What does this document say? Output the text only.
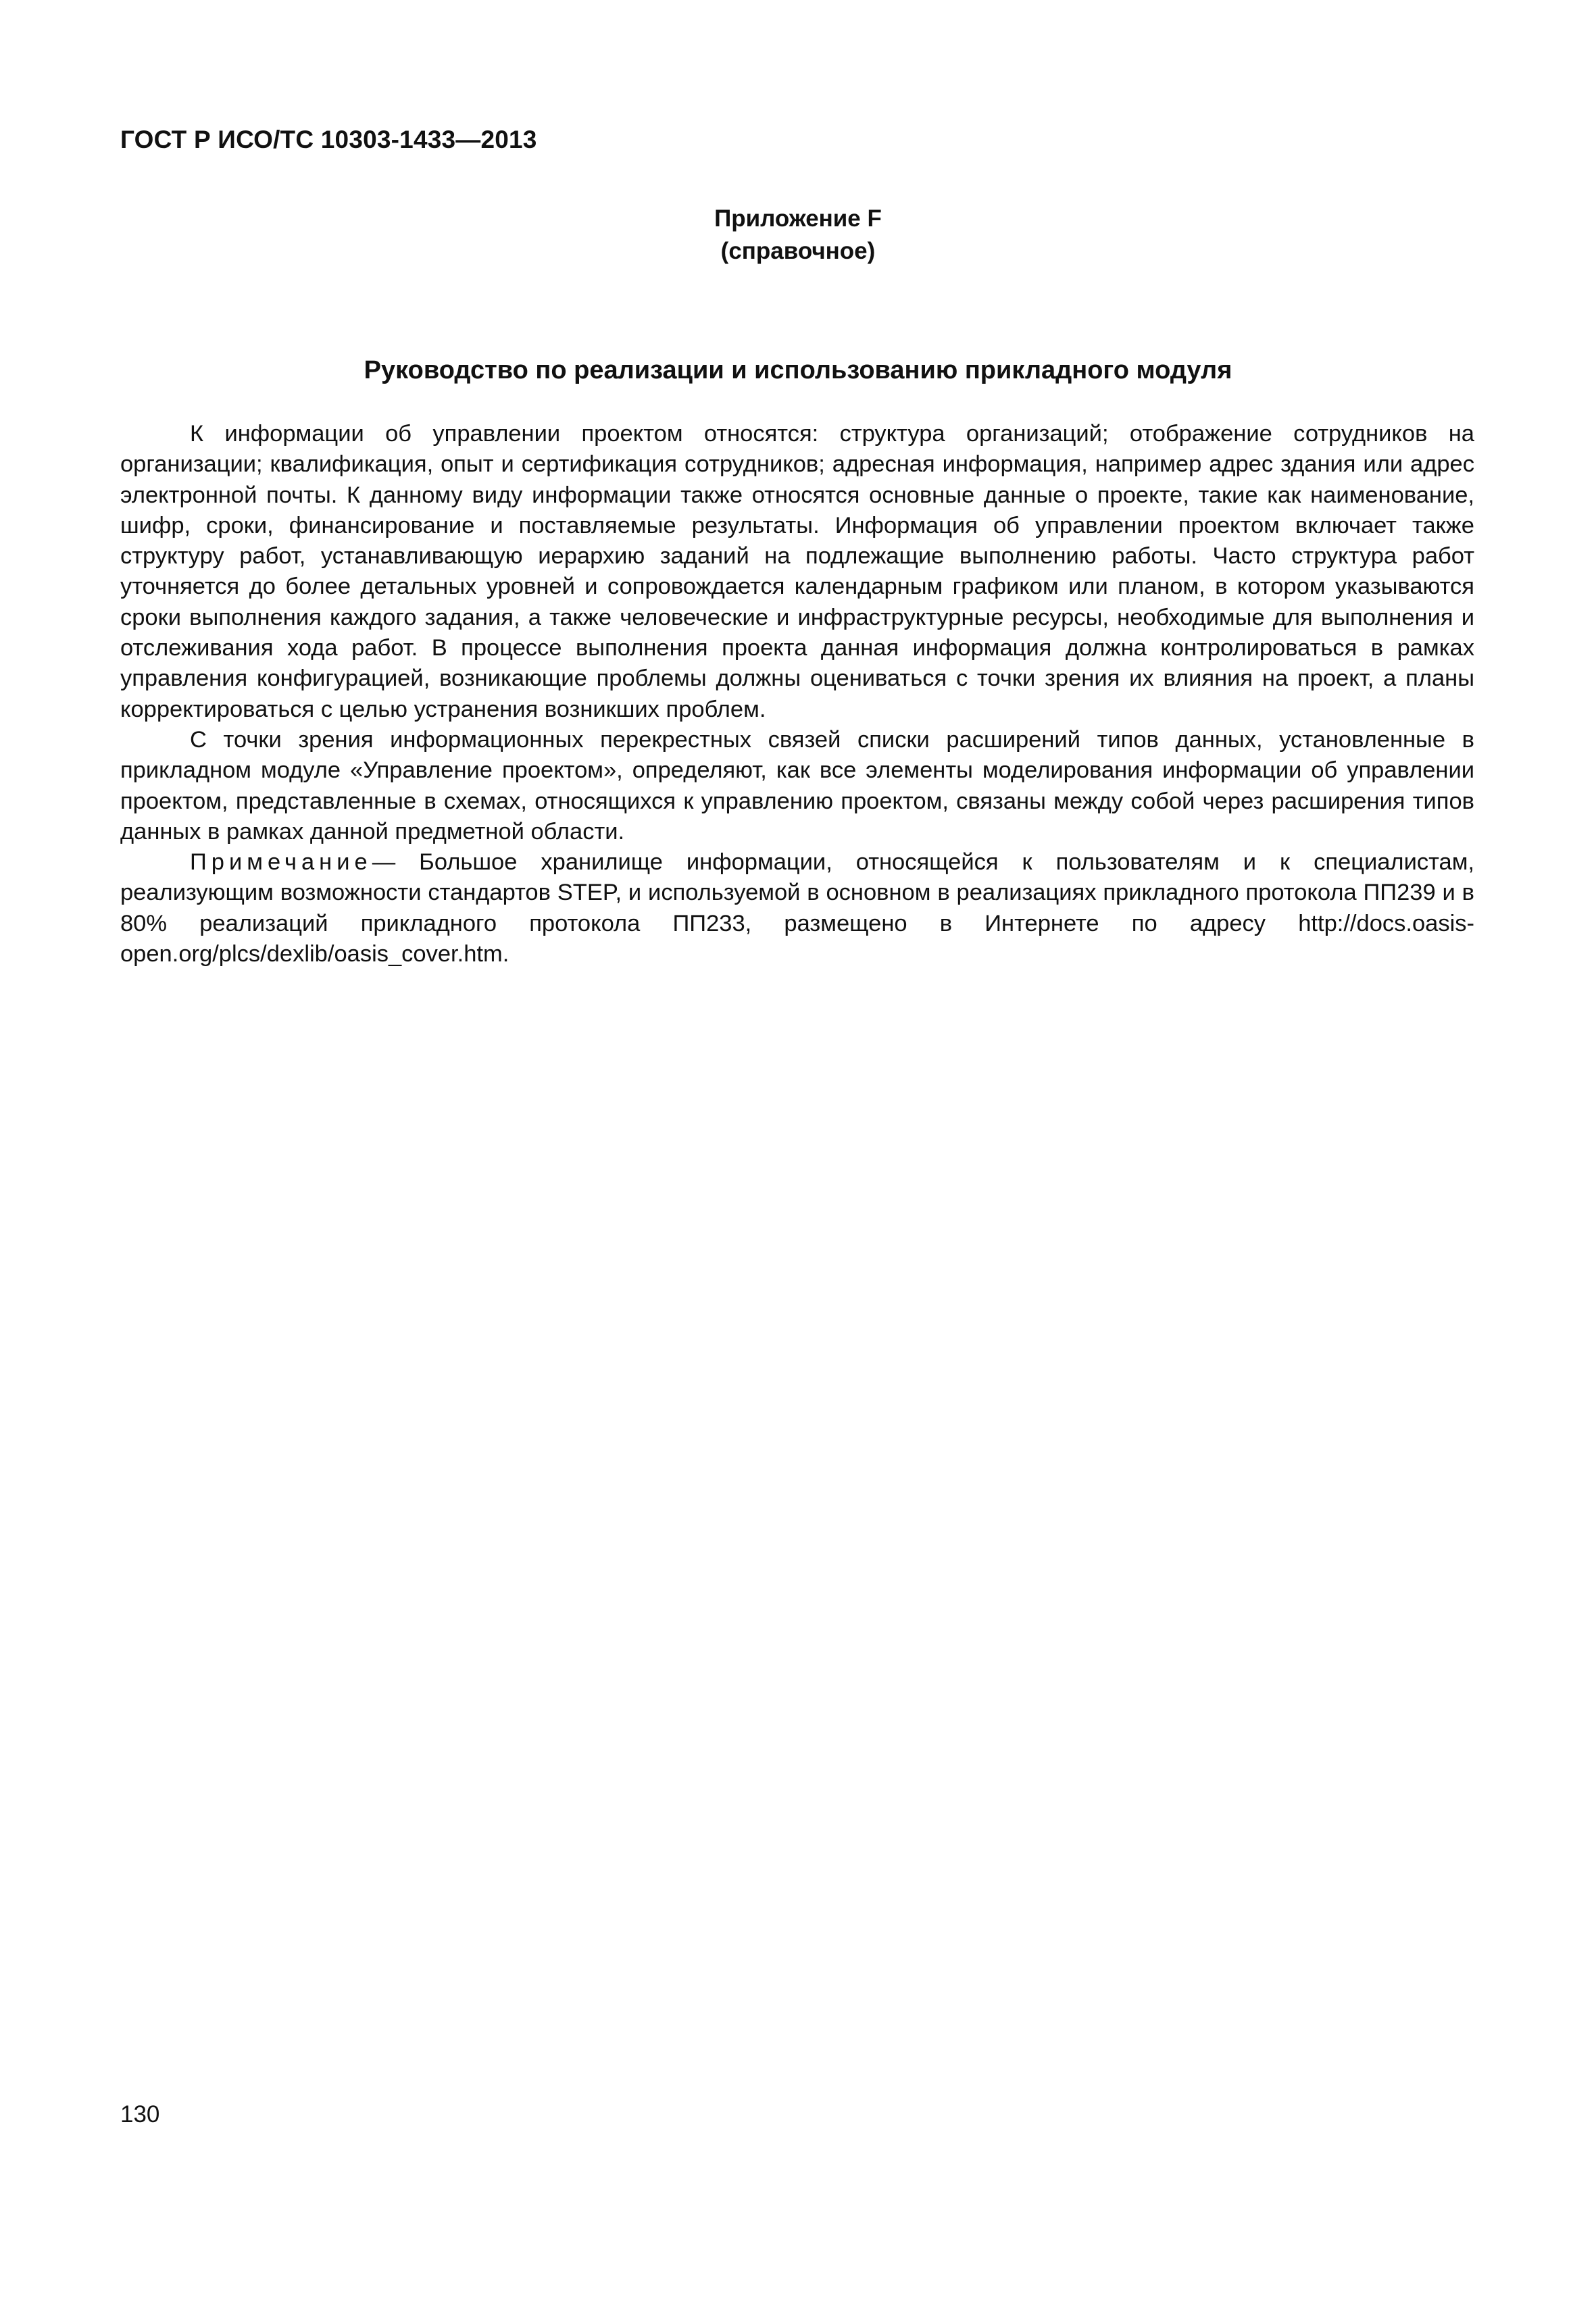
ГОСТ Р ИСО/ТС 10303-1433—2013
Приложение F
(справочное)
Руководство по реализации и использованию прикладного модуля

К информации об управлении проектом относятся: структура организаций; отображение сотрудников на организации; квалификация, опыт и сертификация сотрудников; адресная информация, например адрес здания или адрес электронной почты. К данному виду информации также относятся основные данные о проекте, такие как наименование, шифр, сроки, финансирование и поставляемые результаты. Информация об управлении проектом включает также структуру работ, устанавливающую иерархию заданий на подлежащие выполнению работы. Часто структура работ уточняется до более детальных уровней и сопровождается календарным графиком или планом, в котором указываются сроки выполнения каждого задания, а также человеческие и инфраструктурные ресурсы, необходимые для выполнения и отслеживания хода работ. В процессе выполнения проекта данная информация должна контролироваться в рамках управления конфигурацией, возникающие проблемы должны оцениваться с точки зрения их влияния на проект, а планы корректироваться с целью устранения возникших проблем.

С точки зрения информационных перекрестных связей списки расширений типов данных, установленные в прикладном модуле «Управление проектом», определяют, как все элементы моделирования информации об управлении проектом, представленные в схемах, относящихся к управлению проектом, связаны между собой через расширения типов данных в рамках данной предметной области.

Примечание— Большое хранилище информации, относящейся к пользователям и к специалистам, реализующим возможности стандартов STEP, и используемой в основном в реализациях прикладного протокола ПП239 и в 80% реализаций прикладного протокола ПП233, размещено в Интернете по адресу http://docs.oasis-open.org/plcs/dexlib/oasis_cover.htm.

130
